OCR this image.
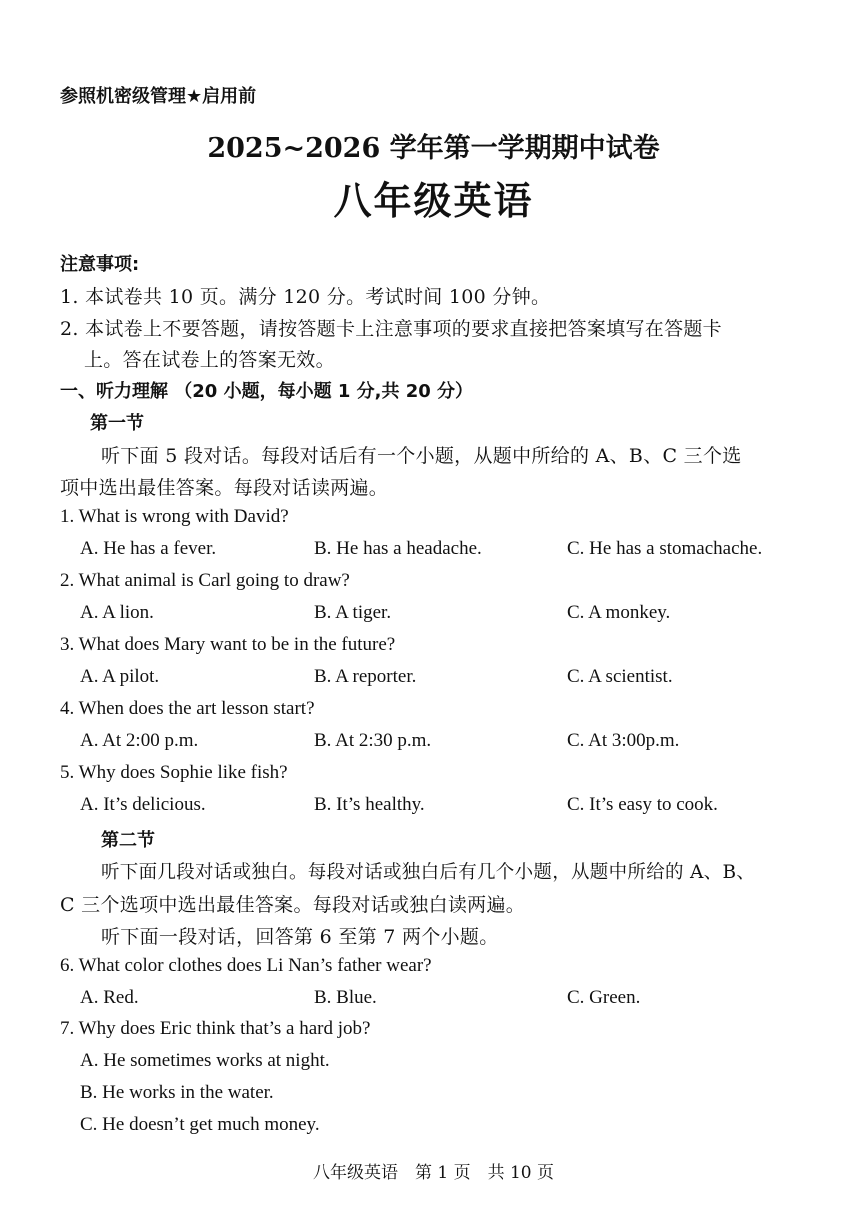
参照机密级管理★启用前
2025~2026 学年第一学期期中试卷
八年级英语
注意事项:
1. 本试卷共 10 页。满分 120 分。考试时间 100 分钟。
2. 本试卷上不要答题，请按答题卡上注意事项的要求直接把答案填写在答题卡
上。答在试卷上的答案无效。
一、听力理解 （20 小题，每小题 1 分,共 20 分）
第一节
听下面 5 段对话。每段对话后有一个小题，从题中所给的 A、B、C 三个选
项中选出最佳答案。每段对话读两遍。
1. What is wrong with David?
A. He has a fever.	B. He has a headache.	C. He has a stomachache.
2. What animal is Carl going to draw?
A. A lion.	B. A tiger.	C. A monkey.
3. What does Mary want to be in the future?
A. A pilot.	B. A reporter.	C. A scientist.
4. When does the art lesson start?
A. At 2:00 p.m.	B. At 2:30 p.m.	C. At 3:00p.m.
5. Why does Sophie like fish?
A. It’s delicious.	B. It’s healthy.	C. It’s easy to cook.
第二节
听下面几段对话或独白。每段对话或独白后有几个小题，从题中所给的 A、B、
C 三个选项中选出最佳答案。每段对话或独白读两遍。
听下面一段对话，回答第 6 至第 7 两个小题。
6. What color clothes does Li Nan’s father wear?
A. Red.	B. Blue.	C. Green.
7. Why does Eric think that’s a hard job?
A. He sometimes works at night.
B. He works in the water.
C. He doesn’t get much money.
八年级英语　第 1 页　共 10 页
